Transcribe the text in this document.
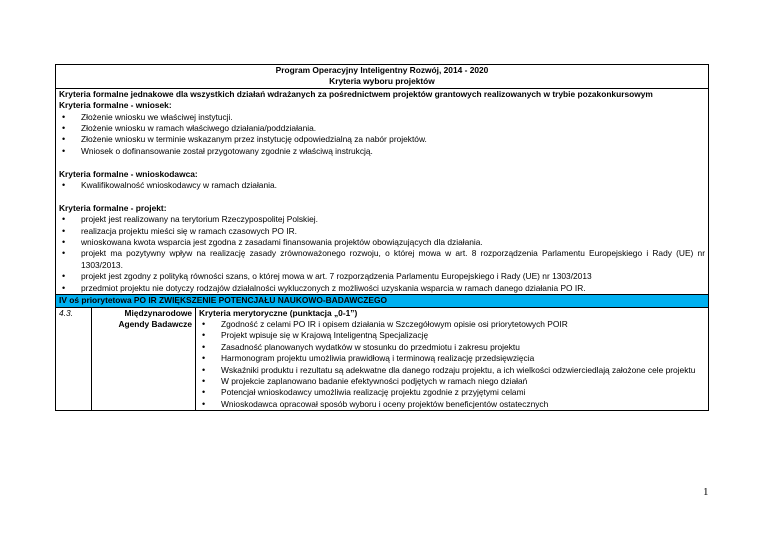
Program Operacyjny Inteligentny Rozwój, 2014 - 2020
Kryteria wyboru projektów

Kryteria formalne jednakowe dla wszystkich działań wdrażanych za pośrednictwem projektów grantowych realizowanych w trybie pozakonkursowym
Kryteria formalne - wniosek:
• Złożenie wniosku we właściwej instytucji.
• Złożenie wniosku w ramach właściwego działania/poddziałania.
• Złożenie wniosku w terminie wskazanym przez instytucję odpowiedzialną za nabór projektów.
• Wniosek o dofinansowanie został przygotowany zgodnie z właściwą instrukcją.
Kryteria formalne - wnioskodawca:
• Kwalifikowalność wnioskodawcy w ramach działania.
Kryteria formalne - projekt:
• projekt jest realizowany na terytorium Rzeczypospolitej Polskiej.
• realizacja projektu mieści się w ramach czasowych PO IR.
• wnioskowana kwota wsparcia jest zgodna z zasadami finansowania projektów obowiązujących dla działania.
• projekt ma pozytywny wpływ na realizację zasady zrównoważonego rozwoju, o której mowa w art. 8 rozporządzenia Parlamentu Europejskiego i Rady (UE) nr 1303/2013.
• projekt jest zgodny z polityką równości szans, o której mowa w art. 7 rozporządzenia Parlamentu Europejskiego i Rady (UE) nr 1303/2013
• przedmiot projektu nie dotyczy rodzajów działalności wykluczonych z możliwości uzyskania wsparcia w ramach danego działania PO IR.

IV oś priorytetowa PO IR ZWIĘKSZENIE POTENCJAŁU NAUKOWO-BADAWCZEGO
4.3.	Międzynarodowe Agendy Badawcze	
Kryteria merytoryczne (punktacja „0-1”)
• Zgodność z celami PO IR i opisem działania w Szczegółowym opisie osi priorytetowych POIR
• Projekt wpisuje się w Krajową Inteligentną Specjalizację
• Zasadność planowanych wydatków w stosunku do przedmiotu i zakresu projektu
• Harmonogram projektu umożliwia prawidłową i terminową realizację przedsięwzięcia
• Wskaźniki produktu i rezultatu są adekwatne dla danego rodzaju projektu, a ich wielkości odzwierciedlają założone cele projektu
• W projekcie zaplanowano badanie efektywności podjętych w ramach niego działań
• Potencjał wnioskodawcy umożliwia realizację projektu zgodnie z przyjętymi celami
• Wnioskodawca opracował sposób wyboru i oceny projektów beneficjentów ostatecznych
1
